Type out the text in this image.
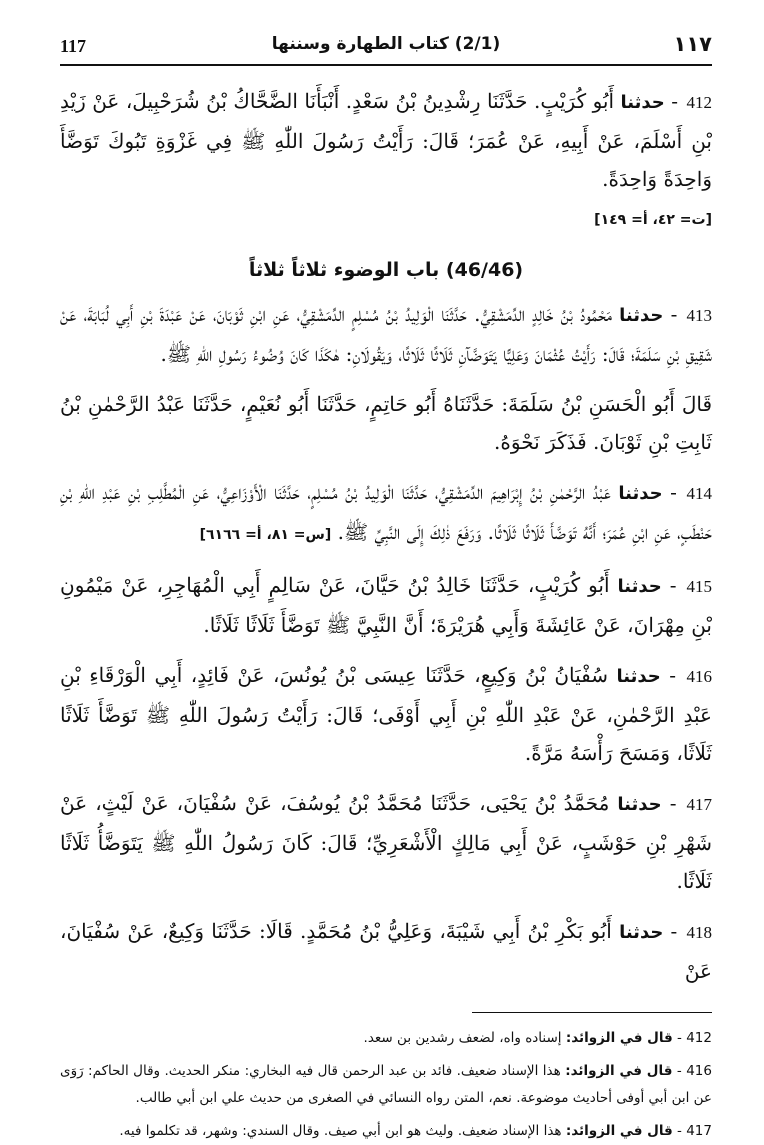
١١٧
(2/1) كتاب الطهارة وسننها
117

412 - حدثنا أَبُو كُرَيْبٍ. حَدَّثَنَا رِشْدِينُ بْنُ سَعْدٍ. أَنْبَأَنَا الضَّحَّاكُ بْنُ شُرَحْبِيلَ، عَنْ زَيْدِ بْنِ أَسْلَمَ، عَنْ أَبِيهِ، عَنْ عُمَرَ؛ قَالَ: رَأَيْتُ رَسُولَ اللّٰهِ ﷺ فِي غَزْوَةِ تَبُوكَ تَوَضَّأَ وَاحِدَةً وَاحِدَةً.
[ت= ٤٢، أ= ١٤٩]

(46/46) باب الوضوء ثلاثاً ثلاثاً

413 - حدثنا مَحْمُودُ بْنُ خَالِدٍ الدِّمَشْقِيُّ. حَدَّثَنَا الْوَلِيدُ بْنُ مُسْلِمٍ الدِّمَشْقِيُّ، عَنِ ابْنِ ثَوْبَانَ، عَنْ عَبْدَةَ بْنِ أَبِي لُبَابَةَ، عَنْ شَقِيقِ بْنِ سَلَمَةَ؛ قَالَ: رَأَيْتُ عُثْمَانَ وَعَلِيًّا يَتَوَضَّآنِ ثَلَاثًا ثَلَاثًا، وَيَقُولَانِ: هٰكَذَا كَانَ وُضُوءُ رَسُولِ اللّٰهِ ﷺ.

قَالَ أَبُو الْحَسَنِ بْنُ سَلَمَةَ: حَدَّثَنَاهُ أَبُو حَاتِمٍ، حَدَّثَنَا أَبُو نُعَيْمٍ، حَدَّثَنَا عَبْدُ الرَّحْمٰنِ بْنُ ثَابِتِ بْنِ ثَوْبَانَ. فَذَكَرَ نَحْوَهُ.

414 - حدثنا عَبْدُ الرَّحْمٰنِ بْنُ إِبْرَاهِيمَ الدِّمَشْقِيُّ، حَدَّثَنَا الْوَلِيدُ بْنُ مُسْلِمٍ، حَدَّثَنَا الْأَوْزَاعِيُّ، عَنِ الْمُطَّلِبِ بْنِ عَبْدِ اللّٰهِ بْنِ حَنْطَبٍ، عَنِ ابْنِ عُمَرَ؛ أَنَّهُ تَوَضَّأَ ثَلَاثًا ثَلَاثًا. وَرَفَعَ ذٰلِكَ إِلَى النَّبِيِّ ﷺ. [س= ٨١، أ= ٦١٦٦]

415 - حدثنا أَبُو كُرَيْبٍ، حَدَّثَنَا خَالِدُ بْنُ حَيَّانَ، عَنْ سَالِمٍ أَبِي الْمُهَاجِرِ، عَنْ مَيْمُونِ بْنِ مِهْرَانَ، عَنْ عَائِشَةَ وَأَبِي هُرَيْرَةَ؛ أَنَّ النَّبِيَّ ﷺ تَوَضَّأَ ثَلَاثًا ثَلَاثًا.

416 - حدثنا سُفْيَانُ بْنُ وَكِيعٍ، حَدَّثَنَا عِيسَى بْنُ يُونُسَ، عَنْ فَائِدٍ، أَبِي الْوَرْقَاءِ بْنِ عَبْدِ الرَّحْمٰنِ، عَنْ عَبْدِ اللّٰهِ بْنِ أَبِي أَوْفَى؛ قَالَ: رَأَيْتُ رَسُولَ اللّٰهِ ﷺ تَوَضَّأَ ثَلَاثًا ثَلَاثًا، وَمَسَحَ رَأْسَهُ مَرَّةً.

417 - حدثنا مُحَمَّدُ بْنُ يَحْيَى، حَدَّثَنَا مُحَمَّدُ بْنُ يُوسُفَ، عَنْ سُفْيَانَ، عَنْ لَيْثٍ، عَنْ شَهْرِ بْنِ حَوْشَبٍ، عَنْ أَبِي مَالِكٍ الْأَشْعَرِيِّ؛ قَالَ: كَانَ رَسُولُ اللّٰهِ ﷺ يَتَوَضَّأُ ثَلَاثًا ثَلَاثًا.

418 - حدثنا أَبُو بَكْرِ بْنُ أَبِي شَيْبَةَ، وَعَلِيُّ بْنُ مُحَمَّدٍ. قَالَا: حَدَّثَنَا وَكِيعٌ، عَنْ سُفْيَانَ، عَنْ

412 - قال في الزوائد: إسناده واه، لضعف رشدين بن سعد.

416 - قال في الزوائد: هذا الإسناد ضعيف. فائد بن عبد الرحمن قال فيه البخاري: منكر الحديث. وقال الحاكم: رَوَى عن ابن أبي أوفى أحاديث موضوعة. نعم، المتن رواه النسائي في الصغرى من حديث علي ابن أبي طالب.

417 - قال في الزوائد: هذا الإسناد ضعيف. وليث هو ابن أبي صيف. وقال السندي: وشهر، قد تكلموا فيه.
